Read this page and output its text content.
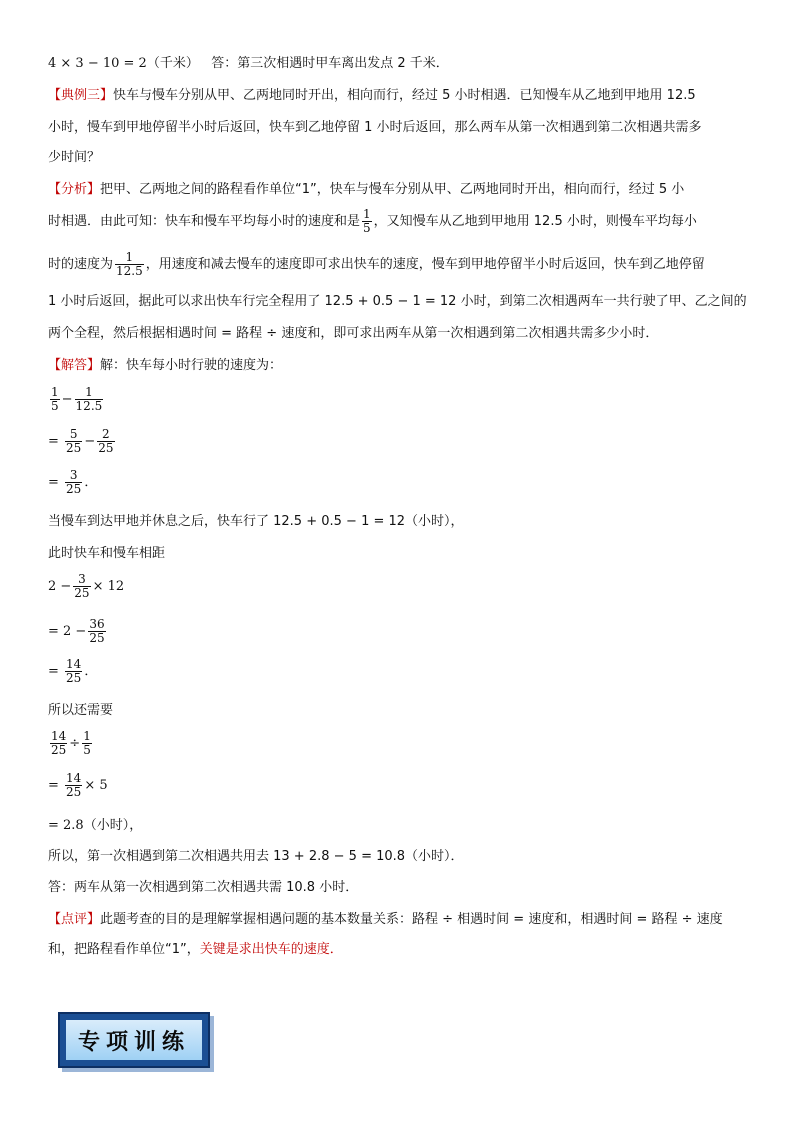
4 × 3 − 10 = 2（千米） 答：第三次相遇时甲车离出发点 2 千米．
【典例三】快车与慢车分别从甲、乙两地同时开出，相向而行，经过 5 小时相遇．已知慢车从乙地到甲地用 12.5
小时，慢车到甲地停留半小时后返回，快车到乙地停留 1 小时后返回，那么两车从第一次相遇到第二次相遇共需多
少时间？
【分析】把甲、乙两地之间的路程看作单位“1”，快车与慢车分别从甲、乙两地同时开出，相向而行，经过 5 小
时相遇．由此可知：快车和慢车平均每小时的速度和是 $\frac{1}{5}$ ，又知慢车从乙地到甲地用 12.5 小时，则慢车平均每小
时的速度为 $\frac{1}{12.5}$ ，用速度和减去慢车的速度即可求出快车的速度，慢车到甲地停留半小时后返回，快车到乙地停留
1 小时后返回，据此可以求出快车行完全程用了 12.5 + 0.5 − 1 = 12 小时，到第二次相遇两车一共行驶了甲、乙之间的
两个全程，然后根据相遇时间 = 路程 ÷ 速度和，即可求出两车从第一次相遇到第二次相遇共需多少小时．
【解答】解：快车每小时行驶的速度为：
$\frac{1}{5} - \frac{1}{12.5}$
= $\frac{5}{25} - \frac{2}{25}$
= $\frac{3}{25}$ ．
当慢车到达甲地并休息之后，快车行了 12.5 + 0.5 − 1 = 12（小时），
此时快车和慢车相距
$2 - \frac{3}{25} \times 12$
= $2 - \frac{36}{25}$
= $\frac{14}{25}$ ．
所以还需要
$\frac{14}{25} \div \frac{1}{5}$
= $\frac{14}{25} \times 5$
= 2.8（小时），
所以，第一次相遇到第二次相遇共用去 13 + 2.8 − 5 = 10.8（小时）．
答：两车从第一次相遇到第二次相遇共需 10.8 小时．
【点评】此题考查的目的是理解掌握相遇问题的基本数量关系：路程 ÷ 相遇时间 = 速度和，相遇时间 = 路程 ÷ 速度
和，把路程看作单位“1”，关键是求出快车的速度．
专项训练
